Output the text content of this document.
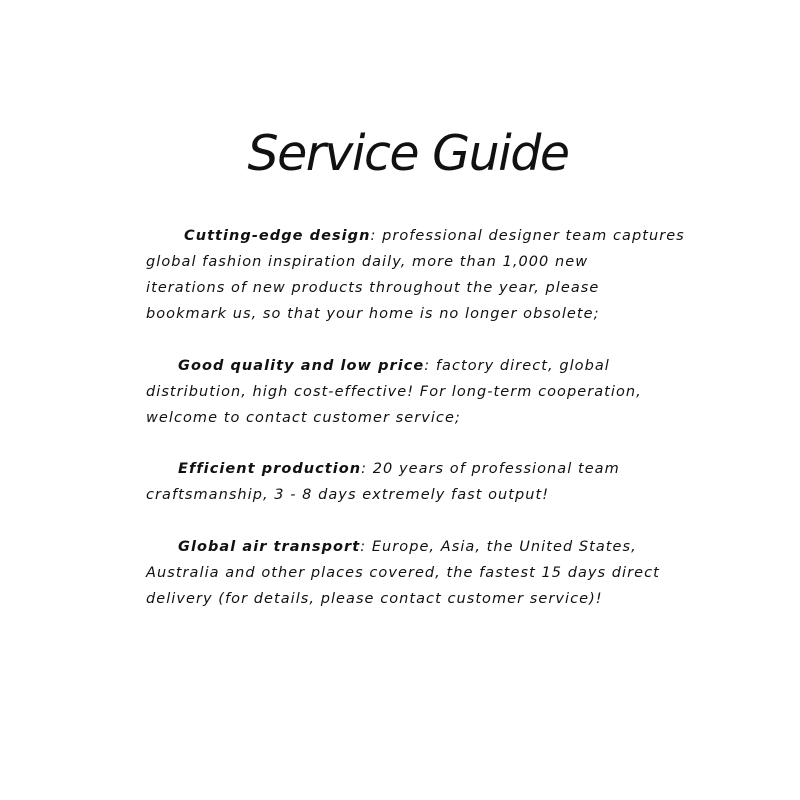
Service Guide

Cutting-edge design: professional designer team captures
global fashion inspiration daily, more than 1,000 new
iterations of new products throughout the year, please
bookmark us, so that your home is no longer obsolete;

Good quality and low price: factory direct, global
distribution, high cost-effective! For long-term cooperation,
welcome to contact customer service;

Efficient production: 20 years of professional team
craftsmanship, 3 - 8 days extremely fast output!

Global air transport: Europe, Asia, the United States,
Australia and other places covered, the fastest 15 days direct
delivery (for details, please contact customer service)!
